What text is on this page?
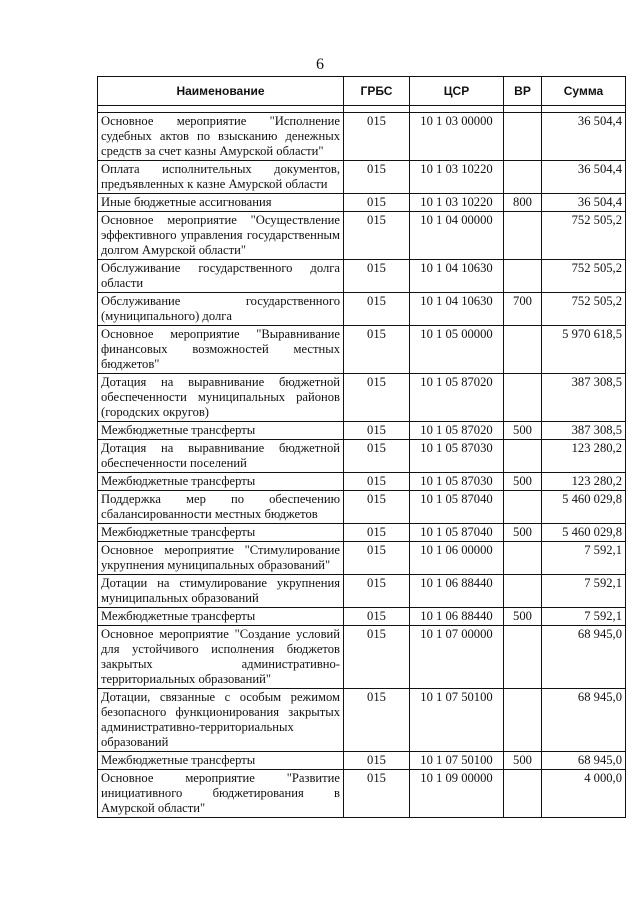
6
Наименование	ГРБС	ЦСР	ВР	Сумма

Основное мероприятие "Исполнение судебных актов по взысканию денежных средств за счет казны Амурской области"	015	10 1 03 00000		36 504,4
Оплата исполнительных документов, предъявленных к казне Амурской области	015	10 1 03 10220		36 504,4
Иные бюджетные ассигнования	015	10 1 03 10220	800	36 504,4
Основное мероприятие "Осуществление эффективного управления государственным долгом Амурской области"	015	10 1 04 00000		752 505,2
Обслуживание государственного долга области	015	10 1 04 10630		752 505,2
Обслуживание государственного (муниципального) долга	015	10 1 04 10630	700	752 505,2
Основное мероприятие "Выравнивание финансовых возможностей местных бюджетов"	015	10 1 05 00000		5 970 618,5
Дотация на выравнивание бюджетной обеспеченности муниципальных районов (городских округов)	015	10 1 05 87020		387 308,5
Межбюджетные трансферты	015	10 1 05 87020	500	387 308,5
Дотация на выравнивание бюджетной обеспеченности поселений	015	10 1 05 87030		123 280,2
Межбюджетные трансферты	015	10 1 05 87030	500	123 280,2
Поддержка мер по обеспечению сбалансированности местных бюджетов	015	10 1 05 87040		5 460 029,8
Межбюджетные трансферты	015	10 1 05 87040	500	5 460 029,8
Основное мероприятие "Стимулирование укрупнения муниципальных образований"	015	10 1 06 00000		7 592,1
Дотации на стимулирование укрупнения муниципальных образований	015	10 1 06 88440		7 592,1
Межбюджетные трансферты	015	10 1 06 88440	500	7 592,1
Основное мероприятие "Создание условий для устойчивого исполнения бюджетов закрытых административно-территориальных образований"	015	10 1 07 00000		68 945,0
Дотации, связанные с особым режимом безопасного функционирования закрытых административно-территориальных образований	015	10 1 07 50100		68 945,0
Межбюджетные трансферты	015	10 1 07 50100	500	68 945,0
Основное мероприятие "Развитие инициативного бюджетирования в Амурской области"	015	10 1 09 00000		4 000,0
